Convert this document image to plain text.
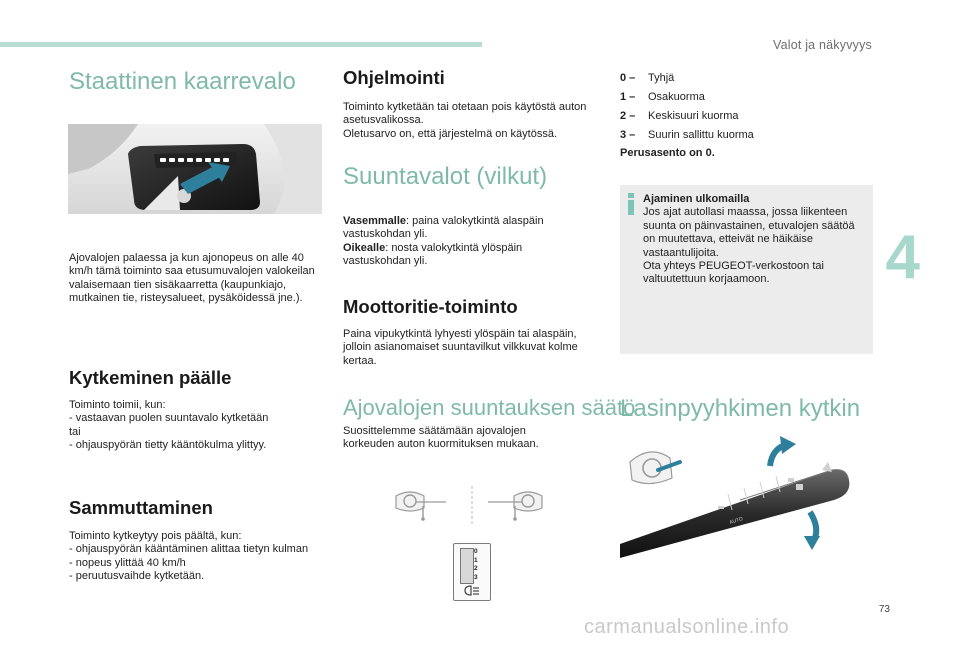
Valot ja näkyvyys
4
73
carmanualsonline.info
Staattinen kaarrevalo

Ajovalojen palaessa ja kun ajonopeus on alle 40 km/h tämä toiminto saa etusumuvalojen valokeilan valaisemaan tien sisäkaarretta (kaupunkiajo, mutkainen tie, risteysalueet, pysäköidessä jne.).

Kytkeminen päälle

Toiminto toimii, kun:

- vastaavan puolen suuntavalo kytketään

tai

- ohjauspyörän tietty kääntökulma ylittyy.

Sammuttaminen

Toiminto kytkeytyy pois päältä, kun:

- ohjauspyörän kääntäminen alittaa tietyn kulman

- nopeus ylittää 40 km/h

- peruutusvaihde kytketään.

Ohjelmointi

Toiminto kytketään tai otetaan pois käytöstä auton asetusvalikossa.

Oletusarvo on, että järjestelmä on käytössä.

Suuntavalot (vilkut)

Vasemmalle: paina valokytkintä alaspäin vastuskohdan yli.

Oikealle: nosta valokytkintä ylöspäin vastuskohdan yli.

Moottoritie-toiminto

Paina vipukytkintä lyhyesti ylöspäin tai alaspäin, jolloin asianomaiset suuntavilkut vilkkuvat kolme kertaa.

Ajovalojen suuntauksen säätö

Suosittelemme säätämään ajovalojen korkeuden auton kuormituksen mukaan.

0
1
2
3
0 –	Tyhjä
1 –	Osakuorma
2 –	Keskisuuri kuorma
3 –	Suurin sallittu kuorma

Perusasento on 0.

Ajaminen ulkomailla

Jos ajat autollasi maassa, jossa liikenteen suunta on päinvastainen, etuvalojen säätöä on muutettava, etteivät ne häikäise vastaantulijoita.

Ota yhteys PEUGEOT-verkostoon tai valtuutettuun korjaamoon.

Lasinpyyhkimen kytkin
AUTO
